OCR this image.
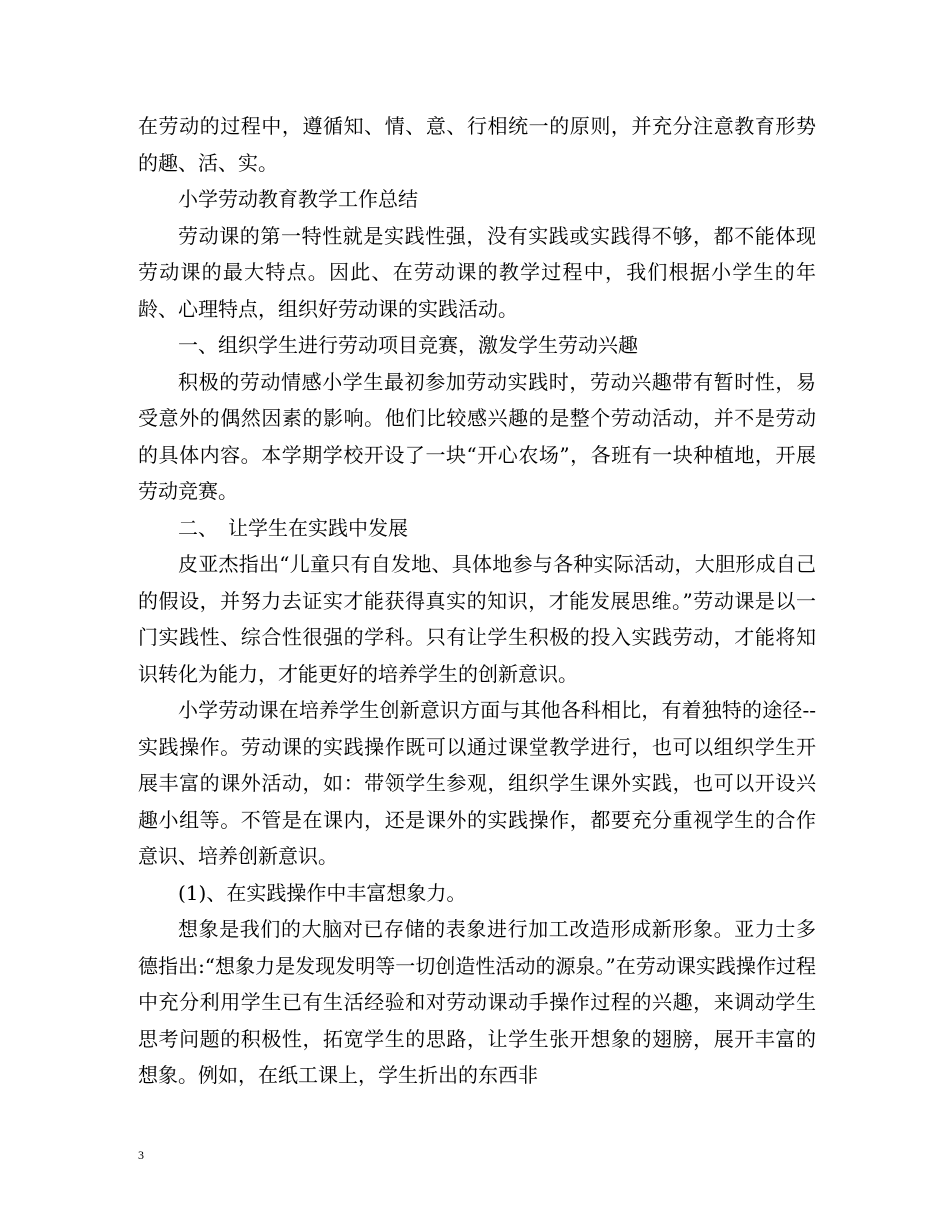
在劳动的过程中，遵循知、情、意、行相统一的原则，并充分注意教育形势的趣、活、实。

小学劳动教育教学工作总结

劳动课的第一特性就是实践性强，没有实践或实践得不够，都不能体现劳动课的最大特点。因此、在劳动课的教学过程中，我们根据小学生的年龄、心理特点，组织好劳动课的实践活动。

一、组织学生进行劳动项目竞赛，激发学生劳动兴趣

积极的劳动情感小学生最初参加劳动实践时，劳动兴趣带有暂时性，易受意外的偶然因素的影响。他们比较感兴趣的是整个劳动活动，并不是劳动的具体内容。本学期学校开设了一块“开心农场”，各班有一块种植地，开展劳动竞赛。

二、　让学生在实践中发展

皮亚杰指出“儿童只有自发地、具体地参与各种实际活动，大胆形成自己的假设，并努力去证实才能获得真实的知识，才能发展思维。”劳动课是以一门实践性、综合性很强的学科。只有让学生积极的投入实践劳动，才能将知识转化为能力，才能更好的培养学生的创新意识。

小学劳动课在培养学生创新意识方面与其他各科相比，有着独特的途径--实践操作。劳动课的实践操作既可以通过课堂教学进行，也可以组织学生开展丰富的课外活动，如：带领学生参观，组织学生课外实践，也可以开设兴趣小组等。不管是在课内，还是课外的实践操作，都要充分重视学生的合作意识、培养创新意识。

(1)、在实践操作中丰富想象力。

想象是我们的大脑对已存储的表象进行加工改造形成新形象。亚力士多德指出:“想象力是发现发明等一切创造性活动的源泉。”在劳动课实践操作过程中充分利用学生已有生活经验和对劳动课动手操作过程的兴趣，来调动学生思考问题的积极性，拓宽学生的思路，让学生张开想象的翅膀，展开丰富的想象。例如，在纸工课上，学生折出的东西非

3
